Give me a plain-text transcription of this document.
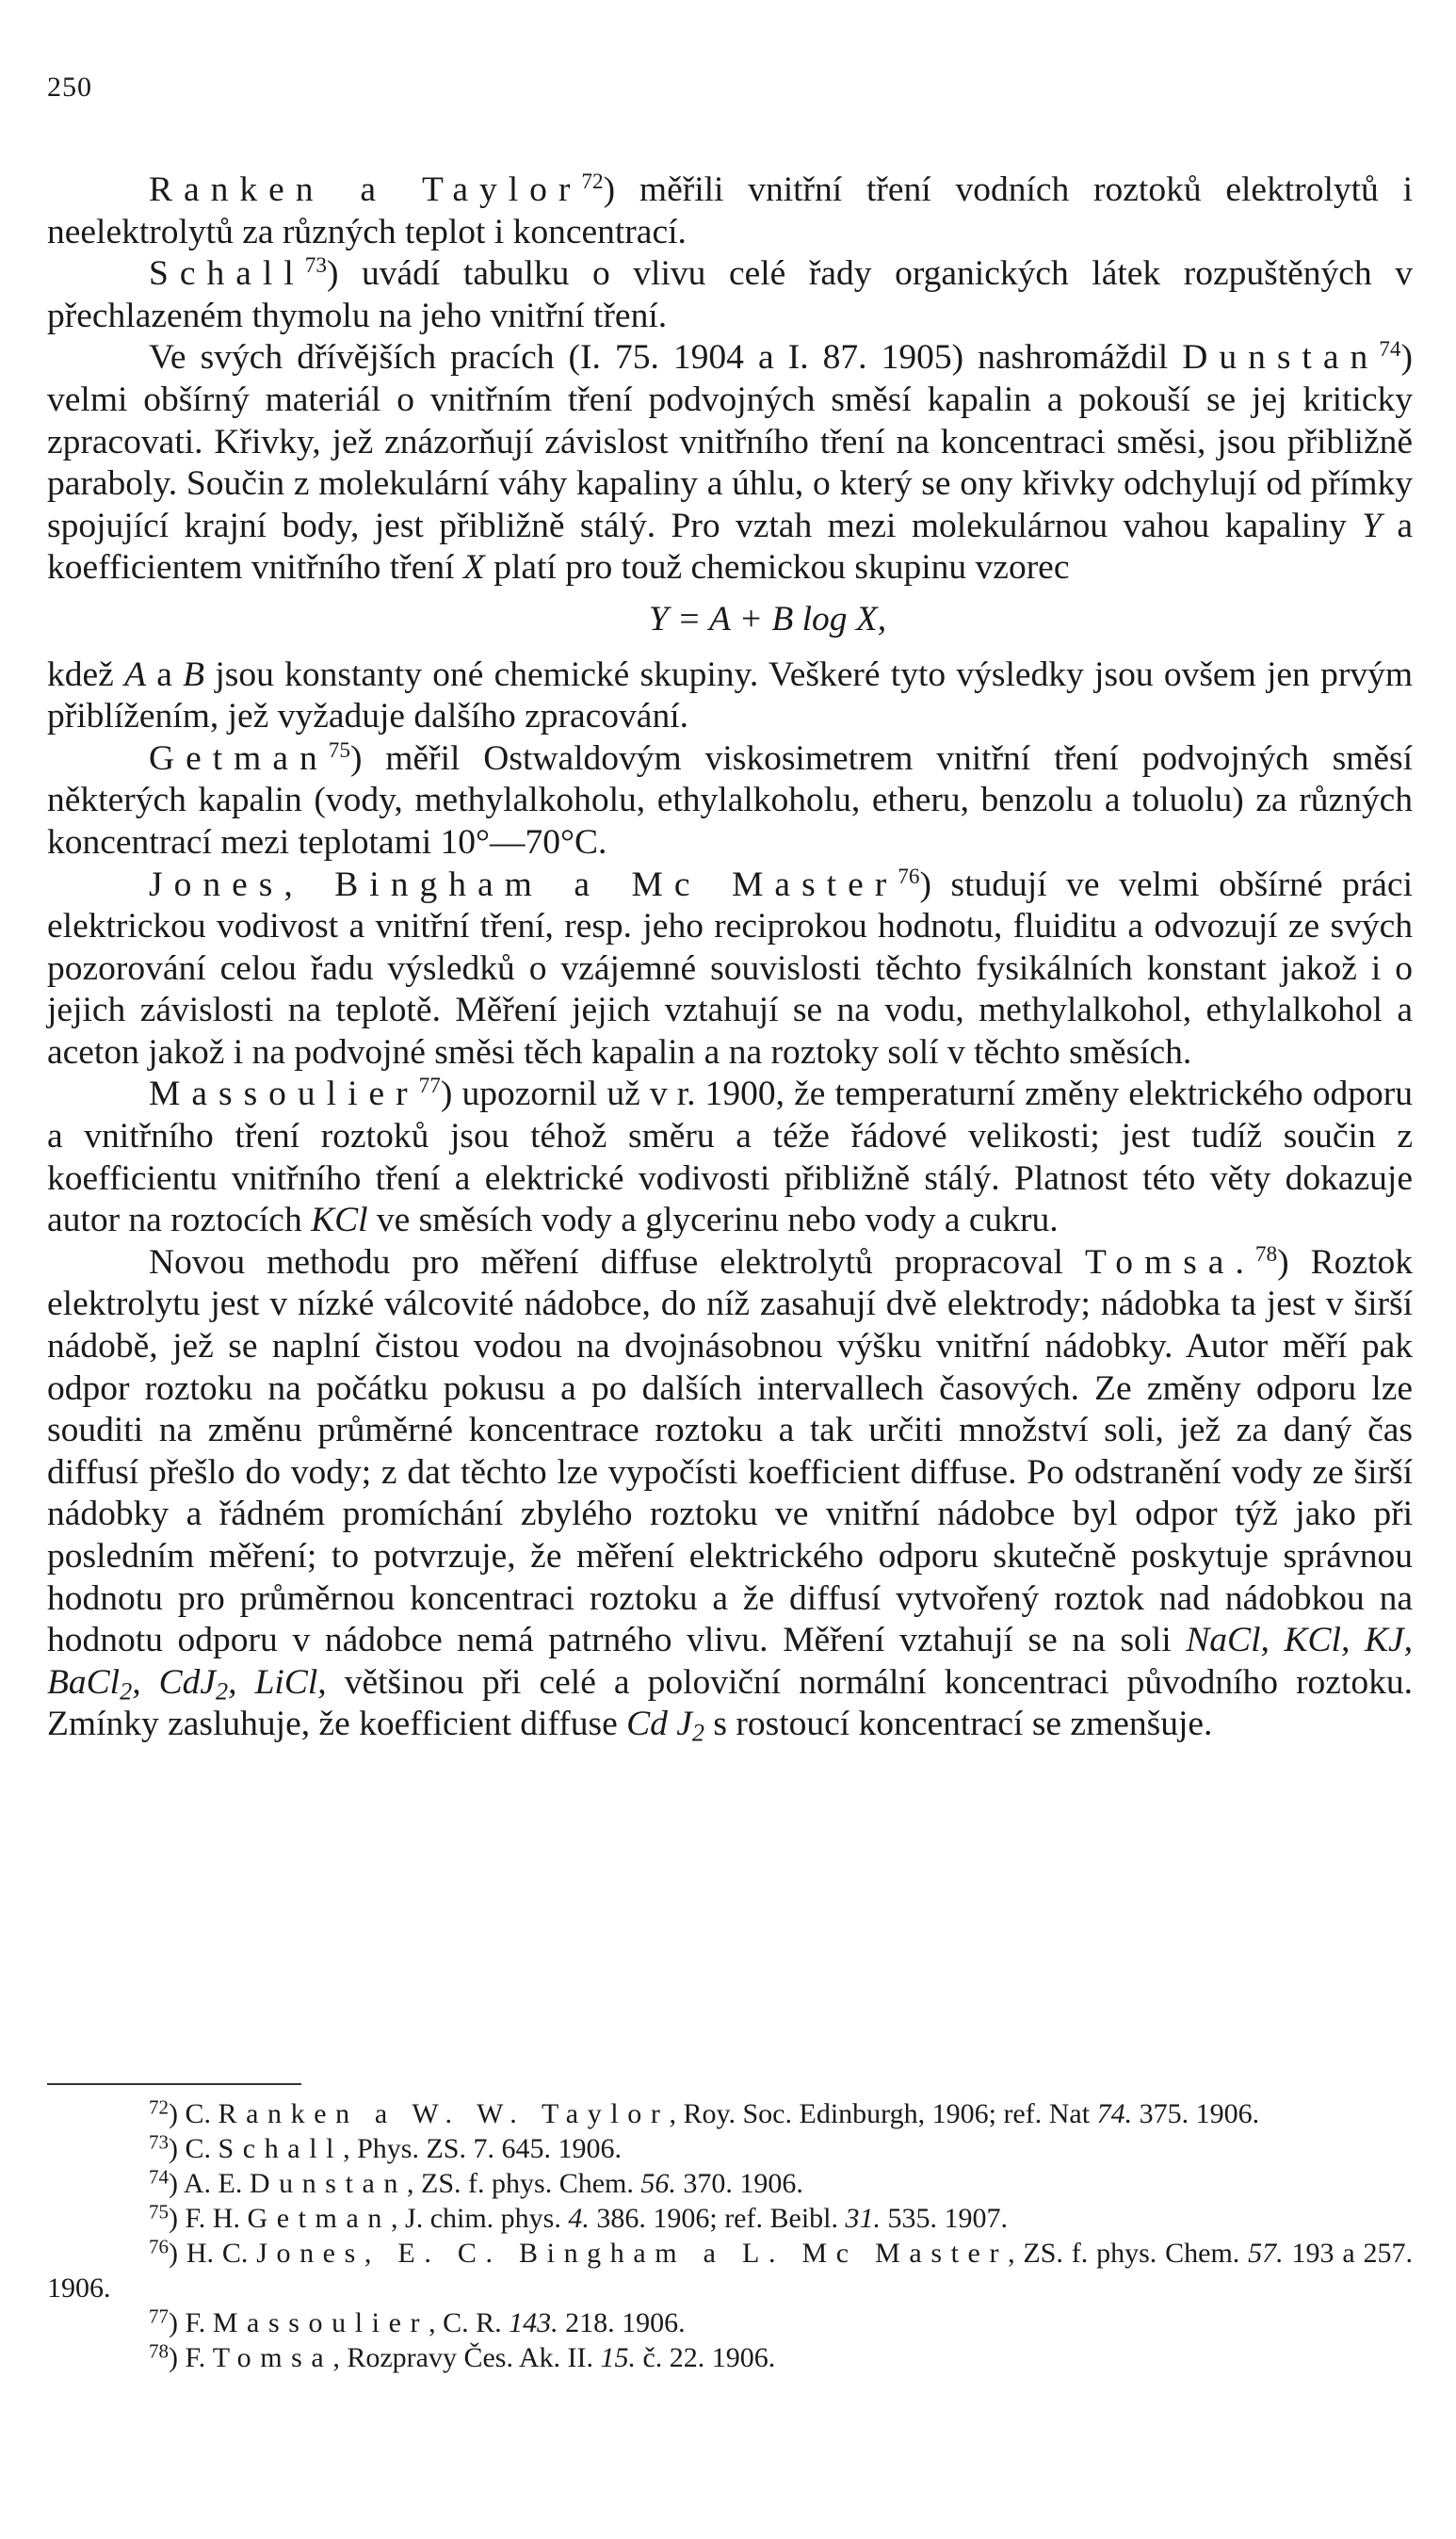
250

Ranken a Taylor$^{72}$) měřili vnitřní tření vodních roztoků elektrolytů i neelektrolytů za různých teplot i koncentrací.

Schall$^{73}$) uvádí tabulku o vlivu celé řady organických látek rozpuštěných v přechlazeném thymolu na jeho vnitřní tření.

Ve svých dřívějších pracích (I. 75. 1904 a I. 87. 1905) nashromáždil Dunstan$^{74}$) velmi obšírný materiál o vnitřním tření podvojných směsí kapalin a pokouší se jej kriticky zpracovati. Křivky, jež znázorňují závislost vnitřního tření na koncentraci směsi, jsou přibližně paraboly. Součin z molekulární váhy kapaliny a úhlu, o který se ony křivky odchylují od přímky spojující krajní body, jest přibližně stálý. Pro vztah mezi molekulárnou vahou kapaliny Y a koefficientem vnitřního tření X platí pro touž chemickou skupinu vzorec

Y = A + B log X,

kdež A a B jsou konstanty oné chemické skupiny. Veškeré tyto výsledky jsou ovšem jen prvým přiblížením, jež vyžaduje dalšího zpracování.

Getman$^{75}$) měřil Ostwaldovým viskosimetrem vnitřní tření podvojných směsí některých kapalin (vody, methylalkoholu, ethylalkoholu, etheru, benzolu a toluolu) za různých koncentrací mezi teplotami 10°—70°C.

Jones, Bingham a Mc Master$^{76}$) studují ve velmi obšírné práci elektrickou vodivost a vnitřní tření, resp. jeho reciprokou hodnotu, fluiditu a odvozují ze svých pozorování celou řadu výsledků o vzájemné souvislosti těchto fysikálních konstant jakož i o jejich závislosti na teplotě. Měření jejich vztahují se na vodu, methylalkohol, ethylalkohol a aceton jakož i na podvojné směsi těch kapalin a na roztoky solí v těchto směsích.

Massoulier$^{77}$) upozornil už v r. 1900, že temperaturní změny elektrického odporu a vnitřního tření roztoků jsou téhož směru a téže řádové velikosti; jest tudíž součin z koefficientu vnitřního tření a elektrické vodivosti přibližně stálý. Platnost této věty dokazuje autor na roztocích KCl ve směsích vody a glycerinu nebo vody a cukru.

Novou methodu pro měření diffuse elektrolytů propracoval Tomsa.$^{78}$) Roztok elektrolytu jest v nízké válcovité nádobce, do níž zasahují dvě elektrody; nádobka ta jest v širší nádobě, jež se naplní čistou vodou na dvojnásobnou výšku vnitřní nádobky. Autor měří pak odpor roztoku na počátku pokusu a po dalších intervallech časových. Ze změny odporu lze souditi na změnu průměrné koncentrace roztoku a tak určiti množství soli, jež za daný čas diffusí přešlo do vody; z dat těchto lze vypočísti koefficient diffuse. Po odstranění vody ze širší nádobky a řádném promíchání zbylého roztoku ve vnitřní nádobce byl odpor týž jako při posledním měření; to potvrzuje, že měření elektrického odporu skutečně poskytuje správnou hodnotu pro průměrnou koncentraci roztoku a že diffusí vytvořený roztok nad nádobkou na hodnotu odporu v nádobce nemá patrného vlivu. Měření vztahují se na soli NaCl, KCl, KJ, BaCl$_2$, CdJ$_2$, LiCl, většinou při celé a poloviční normální koncentraci původního roztoku. Zmínky zasluhuje, že koefficient diffuse Cd $J_2$ s rostoucí koncentrací se zmenšuje.

$^{72}$) C. Ranken a W. W. Taylor, Roy. Soc. Edinburgh, 1906; ref. Nat 74. 375. 1906.

$^{73}$) C. Schall, Phys. ZS. 7. 645. 1906.

$^{74}$) A. E. Dunstan, ZS. f. phys. Chem. 56. 370. 1906.

$^{75}$) F. H. Getman, J. chim. phys. 4. 386. 1906; ref. Beibl. 31. 535. 1907.

$^{76}$) H. C. Jones, E. C. Bingham a L. Mc Master, ZS. f. phys. Chem. 57. 193 a 257. 1906.

$^{77}$) F. Massoulier, C. R. 143. 218. 1906.

$^{78}$) F. Tomsa, Rozpravy Čes. Ak. II. 15. č. 22. 1906.
